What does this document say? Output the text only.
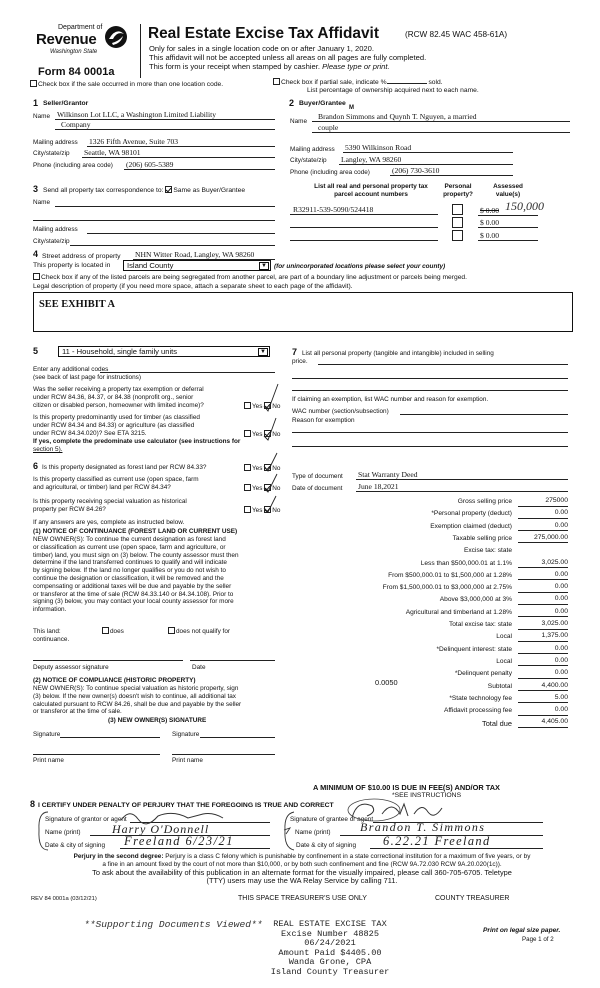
Department of
Revenue
Washington State
Form 84 0001a
Real Estate Excise Tax Affidavit	(RCW 82.45 WAC 458-61A)
Only for sales in a single location code on or after January 1, 2020.
This affidavit will not be accepted unless all areas on all pages are fully completed.
This form is your receipt when stamped by cashier. Please type or print.
Check box if the sale occurred in more than one location code.	Check box if partial sale, indicate %	sold.
List percentage of ownership acquired next to each name.
1 Seller/Grantor
Name Wilkinson Lot LLC, a Washington Limited Liability
Company
Mailing address 1326 Fifth Avenue, Suite 703
City/state/zip Seattle, WA 98101
Phone (including area code) (206) 605-5389
2 Buyer/Grantee
M
Name
Brandon Simmons and Quynh T. Nguyen, a married
couple
Mailing address 5390 Wilkinson Road
City/state/zip Langley, WA 98260
Phone (including area code)	(206) 730-3610
3 Send all property tax correspondence to: Same as Buyer/Grantee
Name
Mailing address
City/state/zip
List all real and personal property tax
parcel account numbers
Personal
property?
Assessed
value(s)
R32911-539-5090/524418	$ 0.00 150,000
$ 0.00
$ 0.00
4 Street address of property NHN Witter Road, Langley, WA 98260
This property is located in	Island County	▼	(for unincorporated locations please select your county)
Check box if any of the listed parcels are being segregated from another parcel, are part of a boundary line adjustment or parcels being merged.
Legal description of property (if you need more space, attach a separate sheet to each page of the affidavit).
SEE EXHIBIT A
5	11 - Household, single family units	▼
Enter any additional codes
(see back of last page for instructions)
Was the seller receiving a property tax exemption or deferral
under RCW 84.36, 84.37, or 84.38 (nonprofit org., senior
citizen or disabled person, homeowner with limited income)?	Yes No
Is this property predominantly used for timber (as classified
under RCW 84.34 and 84.33) or agriculture (as classified
under RCW 84.34.020)? See ETA 3215.	Yes No
If yes, complete the predominate use calculator (see instructions for
section 5).
6 Is this property designated as forest land per RCW 84.33?	Yes No
Is this property classified as current use (open space, farm
and agricultural, or timber) land per RCW 84.34?	Yes No
Is this property receiving special valuation as historical
property per RCW 84.26?	Yes No
If any answers are yes, complete as instructed below.
(1) NOTICE OF CONTINUANCE (FOREST LAND OR CURRENT USE)
NEW OWNER(S): To continue the current designation as forest land
or classification as current use (open space, farm and agriculture, or
timber) land, you must sign on (3) below. The county assessor must then
determine if the land transferred continues to qualify and will indicate
by signing below. If the land no longer qualifies or you do not wish to
continue the designation or classification, it will be removed and the
compensating or additional taxes will be due and payable by the seller
or transferor at the time of sale (RCW 84.33.140 or 84.34.108). Prior to
signing (3) below, you may contact your local county assessor for more
information.
This land:	does	does not qualify for
continuance.
Deputy assessor signature	Date
(2) NOTICE OF COMPLIANCE (HISTORIC PROPERTY)
NEW OWNER(S): To continue special valuation as historic property, sign
(3) below. If the new owner(s) doesn't wish to continue, all additional tax
calculated pursuant to RCW 84.26, shall be due and payable by the seller
or transferor at the time of sale.
(3) NEW OWNER(S) SIGNATURE
Signature	Signature
Print name	Print name
7 List all personal property (tangible and intangible) included in selling
price.
If claiming an exemption, list WAC number and reason for exemption.
WAC number (section/subsection)
Reason for exemption
Type of document Stat Warranty Deed
Date of document June 18,2021
Gross selling price	275000
*Personal property (deduct)	0.00
Exemption claimed (deduct)	0.00
Taxable selling price	275,000.00
Excise tax: state
Less than $500,000.01 at 1.1%	3,025.00
From $500,000.01 to $1,500,000 at 1.28%	0.00
From $1,500,000.01 to $3,000,000 at 2.75%	0.00
Above $3,000,000 at 3%	0.00
Agricultural and timberland at 1.28%	0.00
Total excise tax: state	3,025.00
Local	1,375.00
*Delinquent interest: state	0.00
Local	0.00
*Delinquent penalty	0.00
Subtotal	4,400.00
*State technology fee	5.00
Affidavit processing fee	0.00
Total due	4,405.00
0.0050
A MINIMUM OF $10.00 IS DUE IN FEE(S) AND/OR TAX
*SEE INSTRUCTIONS
8 I CERTIFY UNDER PENALTY OF PERJURY THAT THE FOREGOING IS TRUE AND CORRECT
Signature of grantor or agent
Name (print)	Harry O'Donnell
Date & city of signing Freeland 6/23/21
Signature of grantee or agent
Name (print) Brandon T. Simmons
Date & city of signing 6.22.21 Freeland
Perjury in the second degree: Perjury is a class C felony which is punishable by confinement in a state correctional institution for a maximum of five years, or by
a fine in an amount fixed by the court of not more than $10,000, or by both such confinement and fine (RCW 9A.72.030 RCW 9A.20.020(1c)).
To ask about the availability of this publication in an alternate format for the visually impaired, please call 360-705-6705. Teletype
(TTY) users may use the WA Relay Service by calling 711.
REV 84 0001a (03/12/21)	THIS SPACE TREASURER'S USE ONLY	COUNTY TREASURER
**Supporting Documents Viewed**	REAL ESTATE EXCISE TAX
Excise Number 48825
06/24/2021
Amount Paid $4405.00
Wanda Grone, CPA
Island County Treasurer
Print on legal size paper.
Page 1 of 2
